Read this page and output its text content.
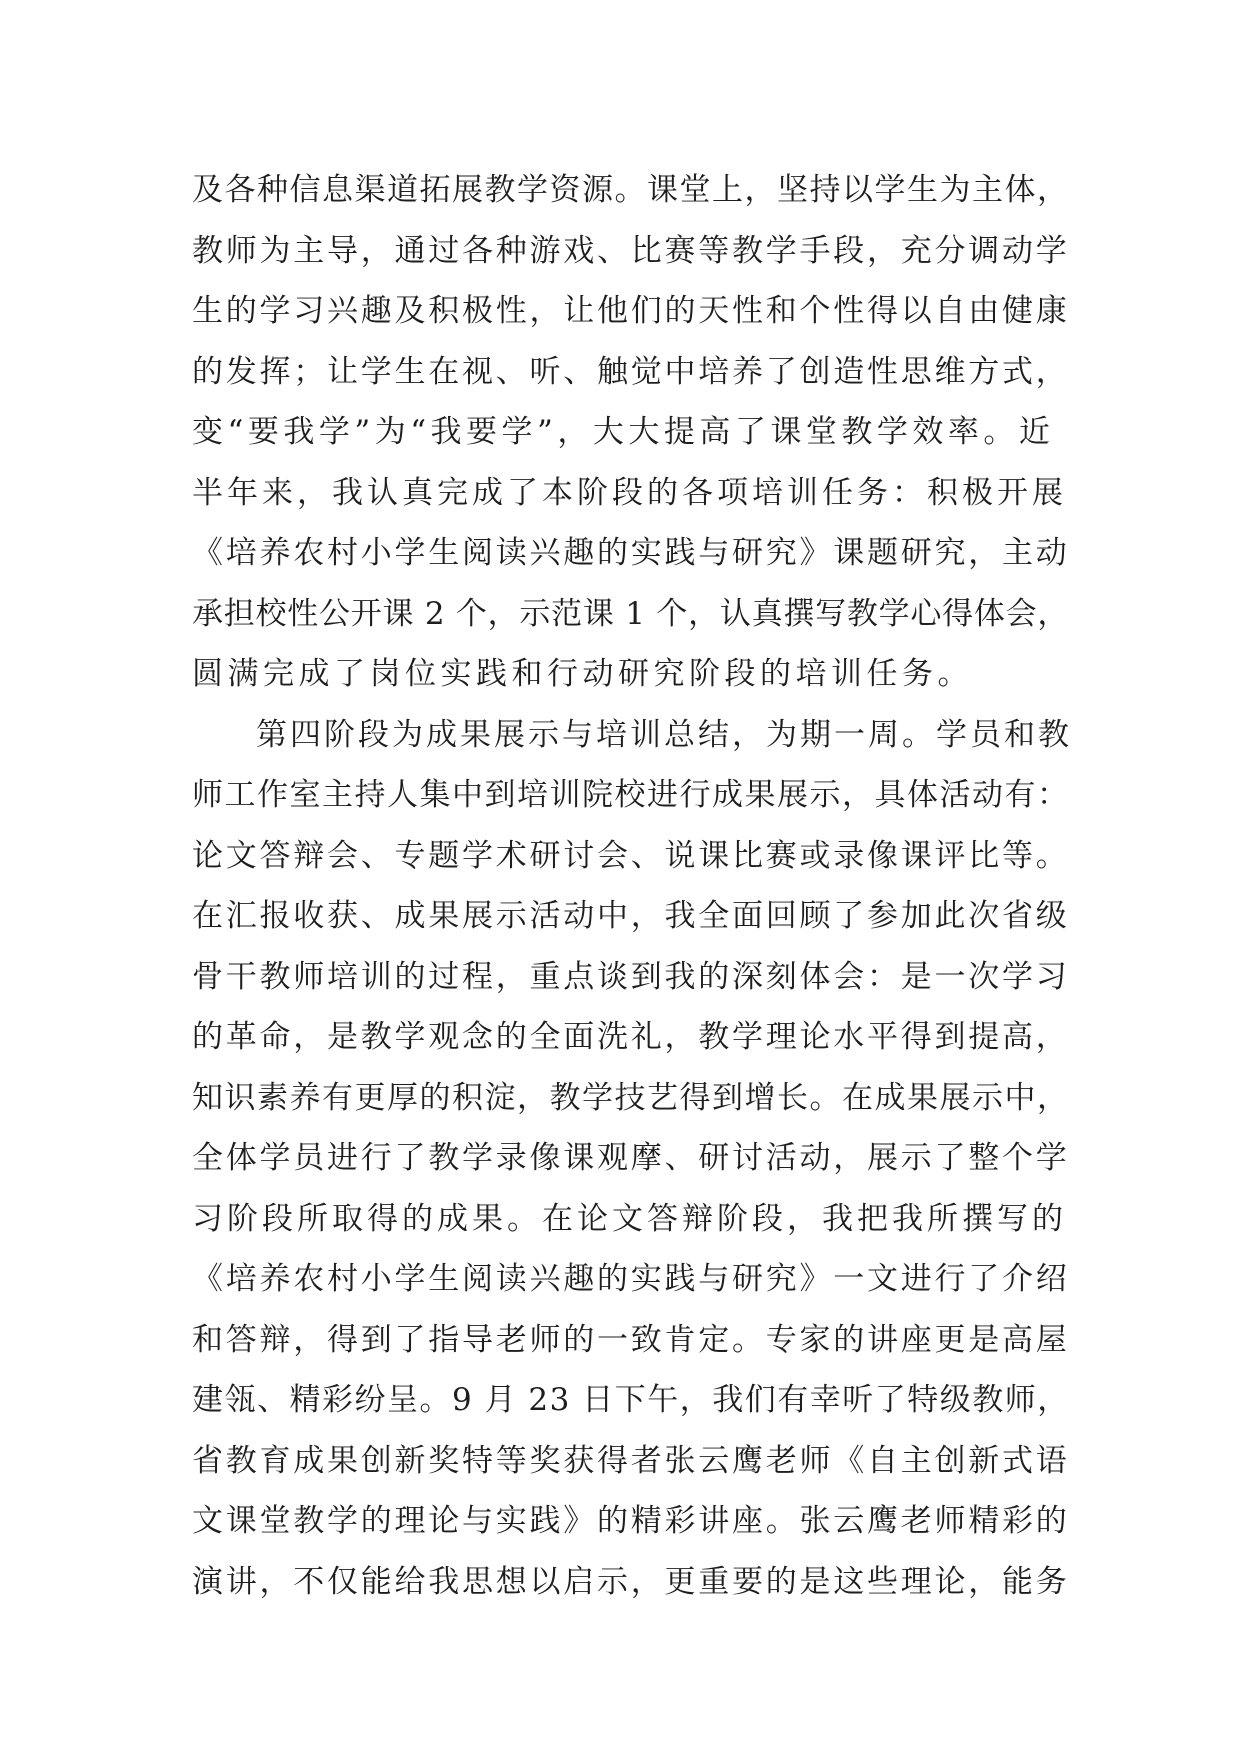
及各种信息渠道拓展教学资源。课堂上，坚持以学生为主体，
教师为主导，通过各种游戏、比赛等教学手段，充分调动学
生的学习兴趣及积极性，让他们的天性和个性得以自由健康
的发挥；让学生在视、听、触觉中培养了创造性思维方式，
变“要我学”为“我要学”，大大提高了课堂教学效率。近
半年来，我认真完成了本阶段的各项培训任务：积极开展
《培养农村小学生阅读兴趣的实践与研究》课题研究，主动
承担校性公开课 2 个，示范课 1 个，认真撰写教学心得体会，
圆满完成了岗位实践和行动研究阶段的培训任务。
第四阶段为成果展示与培训总结，为期一周。学员和教
师工作室主持人集中到培训院校进行成果展示，具体活动有：
论文答辩会、专题学术研讨会、说课比赛或录像课评比等。
在汇报收获、成果展示活动中，我全面回顾了参加此次省级
骨干教师培训的过程，重点谈到我的深刻体会：是一次学习
的革命，是教学观念的全面洗礼，教学理论水平得到提高，
知识素养有更厚的积淀，教学技艺得到增长。在成果展示中，
全体学员进行了教学录像课观摩、研讨活动，展示了整个学
习阶段所取得的成果。在论文答辩阶段，我把我所撰写的
《培养农村小学生阅读兴趣的实践与研究》一文进行了介绍
和答辩，得到了指导老师的一致肯定。专家的讲座更是高屋
建瓴、精彩纷呈。9 月 23 日下午，我们有幸听了特级教师，
省教育成果创新奖特等奖获得者张云鹰老师《自主创新式语
文课堂教学的理论与实践》的精彩讲座。张云鹰老师精彩的
演讲，不仅能给我思想以启示，更重要的是这些理论，能务
